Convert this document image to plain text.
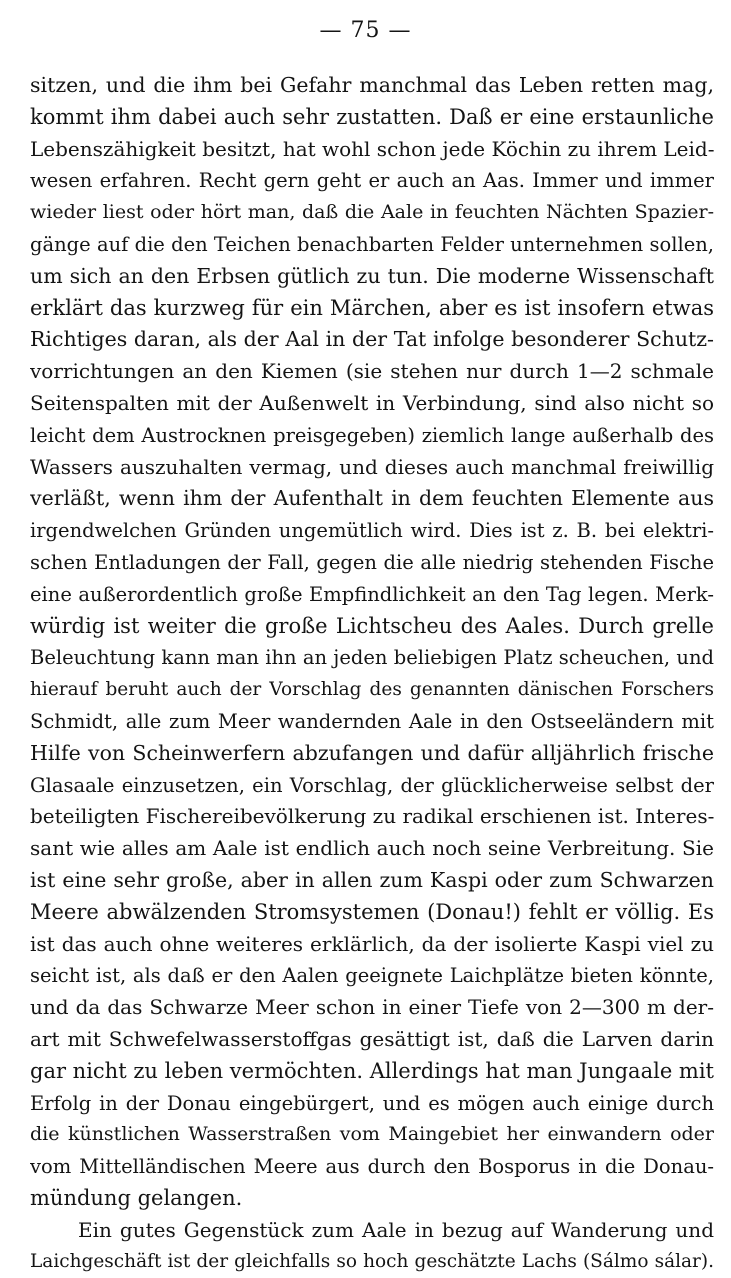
— 75 —
sitzen, und die ihm bei Gefahr manchmal das Leben retten mag,
kommt ihm dabei auch sehr zustatten. Daß er eine erstaunliche
Lebenszähigkeit besitzt, hat wohl schon jede Köchin zu ihrem Leid-
wesen erfahren. Recht gern geht er auch an Aas. Immer und immer
wieder liest oder hört man, daß die Aale in feuchten Nächten Spazier-
gänge auf die den Teichen benachbarten Felder unternehmen sollen,
um sich an den Erbsen gütlich zu tun. Die moderne Wissenschaft
erklärt das kurzweg für ein Märchen, aber es ist insofern etwas
Richtiges daran, als der Aal in der Tat infolge besonderer Schutz-
vorrichtungen an den Kiemen (sie stehen nur durch 1—2 schmale
Seitenspalten mit der Außenwelt in Verbindung, sind also nicht so
leicht dem Austrocknen preisgegeben) ziemlich lange außerhalb des
Wassers auszuhalten vermag, und dieses auch manchmal freiwillig
verläßt, wenn ihm der Aufenthalt in dem feuchten Elemente aus
irgendwelchen Gründen ungemütlich wird. Dies ist z. B. bei elektri-
schen Entladungen der Fall, gegen die alle niedrig stehenden Fische
eine außerordentlich große Empfindlichkeit an den Tag legen. Merk-
würdig ist weiter die große Lichtscheu des Aales. Durch grelle
Beleuchtung kann man ihn an jeden beliebigen Platz scheuchen, und
hierauf beruht auch der Vorschlag des genannten dänischen Forschers
Schmidt, alle zum Meer wandernden Aale in den Ostseeländern mit
Hilfe von Scheinwerfern abzufangen und dafür alljährlich frische
Glasaale einzusetzen, ein Vorschlag, der glücklicherweise selbst der
beteiligten Fischereibevölkerung zu radikal erschienen ist. Interes-
sant wie alles am Aale ist endlich auch noch seine Verbreitung. Sie
ist eine sehr große, aber in allen zum Kaspi oder zum Schwarzen
Meere abwälzenden Stromsystemen (Donau!) fehlt er völlig. Es
ist das auch ohne weiteres erklärlich, da der isolierte Kaspi viel zu
seicht ist, als daß er den Aalen geeignete Laichplätze bieten könnte,
und da das Schwarze Meer schon in einer Tiefe von 2—300 m der-
art mit Schwefelwasserstoffgas gesättigt ist, daß die Larven darin
gar nicht zu leben vermöchten. Allerdings hat man Jungaale mit
Erfolg in der Donau eingebürgert, und es mögen auch einige durch
die künstlichen Wasserstraßen vom Maingebiet her einwandern oder
vom Mittelländischen Meere aus durch den Bosporus in die Donau-
mündung gelangen.
Ein gutes Gegenstück zum Aale in bezug auf Wanderung und
Laichgeschäft ist der gleichfalls so hoch geschätzte Lachs (Sálmo sálar).
